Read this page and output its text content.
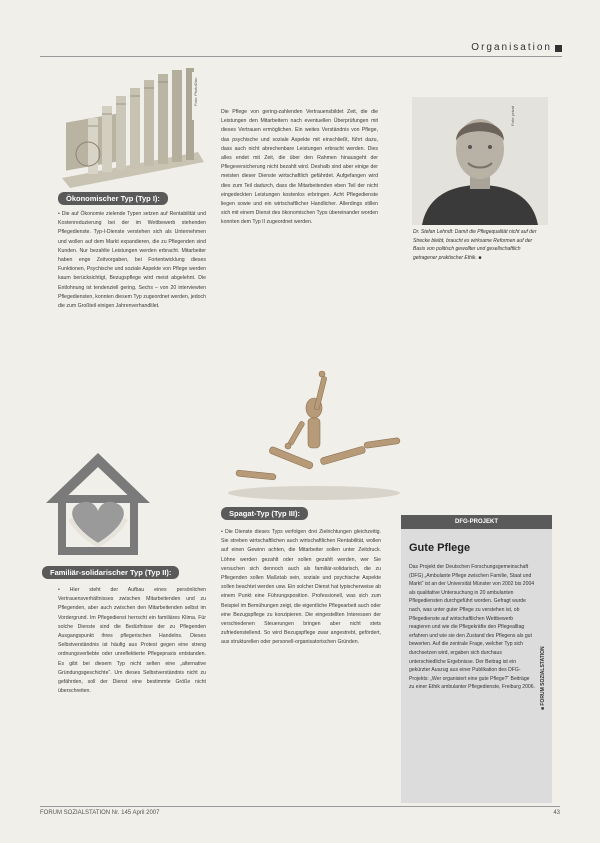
Organisation
Foto: PhotoDisc
Ökonomischer Typ (Typ I):

• Die auf Ökonomie zielende Typen setzen auf Rentabilität und Kostenreduzierung bei der im Wettbewerb stehenden Pflegedienste. Typ-I-Dienste verstehen sich als Unternehmen und wollen auf dem Markt expandieren, die zu Pflegenden sind Kunden. Nur bezahlte Leistungen werden erbracht. Mitarbeiter haben enge Zeitvorgaben, bei Fortentwicklung dieses Funktionen, Psychische und soziale Aspekte von Pflege werden kaum berücksichtigt, Bezugspflege wird meist abgelehnt. Die Entlohnung ist tendenziell gering. Sechs – von 20 interviewten Pflegediensten, konnten diesem Typ zugeordnet werden, jedoch die zum Großteil einigen Jahrenverhandlilet.

Familiär-solidarischer Typ (Typ II):

• Hier steht der Aufbau eines persönlichen Vertrauensverhältnisses zwischen Mitarbeitenden und zu Pflegenden, aber auch zwischen den Mitarbeitenden selbst im Vordergrund. Im Pflegedienst herrscht ein familiäres Klima. Für solche Dienste sind die Bedürfnisse der zu Pflegenden Ausgangspunkt ihres pflegerischen Handelns. Dieses Selbstverständnis ist häufig aus Protest gegen eine streng ordnungsverliebte oder unreflektierte Pflegepraxis entstanden. Es gibt bei diesem Typ nicht selten eine „alternative Gründungsgeschichte“. Um dieses Selbstverständnis nicht zu gefährden, soll der Dienst eine bestimmte Größe nicht überschreiten.

Die Pflege von gering-zahlenden Vertrauensbildet Zeit, die die Leistungen den Mitarbeitern nach eventuellen Überprüfungen mit dieses Vertrauen ermöglichen. Ein weites Verständnis von Pflege, das psychische und soziale Aspekte mit einschließt, führt dazu, dass auch nicht abrechenbare Leistungen erbracht werden. Dies alles endet mit Zeit, die über den Rahmen hinausgeht der Pflegeversicherung nicht bezahlt wird. Deshalb sind aber einige der meisten dieser Dienste wirtschaftlich gefährdet. Aufgefangen wird dies zum Teil dadurch, dass die Mitarbeitenden eben Teil der nicht eingedeckten Leistungen kostenlos erbringen. Acht Pflegedienste liegen sowie und ein wirtschaftlicher Handlicher. Allerdings stillen sich mit einem Dienst des ökonomischen Typs übereinander worden konnten dem Typ II zugeordnet werden.

Spagat-Typ (Typ III):

• Die Dienste dieses Typs verfolgen drei Zielrichtungen gleichzeitig. Sie streben wirtschaftlichen auch wirtschaftlichen Rentabilität, wollen auf einen Gewinn achten, die Mitarbeiter sollen unter Zeitdruck. Löhne werden gezahlt oder sollen gezahlt werden, wer Sie versuchen sich dennoch auch als familiär-solidarisch, die zu Pflegenden sollen Maßstab sein, soziale und psychische Aspekte sollen beachtet werden usw. Ein solcher Dienst hat typischerweise ab einem Punkt eine Führungsposition. Professionell, was sich zum Beispiel im Bemühungen zeigt, die eigentliche Pflegearbeit auch oder eine Bezugspflege zu konzipieren. Die eingestellten Interessen der verschiedenen Steuerungen bringen aber nicht stets zufriedenstellend. So wird Bezugspflege zwar angestrebt, gefördert, aus strukturellen oder personell-organisatorischen Gründen.

Foto: privat
Dr. Stefan Lehndt: Damit die Pflegequalität nicht auf der Strecke bleibt, braucht es wirksame Reformen auf der Basis von politisch gewollter und gesellschaftlich getragener praktischer Ethik. ■
DFG-PROJEKT
Gute Pflege

Das Projekt der Deutschen Forschungsgemeinschaft (DFG) „Ambulante Pflege zwischen Familie, Staat und Markt“ ist an der Universität Münster von 2002 bis 2004 als qualitative Untersuchung in 20 ambulanten Pflegediensten durchgeführt worden. Gefragt wurde nach, was unter guter Pflege zu verstehen ist, ob Pflegedienste auf wirtschaftlichen Wettbewerb reagieren und wie die Pflegekräfte den Pflegealltag erfahren und wie sie den Zustand des Pflegens als gut bewerten. Auf die zentrale Frage, welcher Typ sich durchsetzen wird, ergaben sich durchaus unterschiedliche Ergebnisse. Der Beitrag ist ein gekürzter Auszug aus einer Publikation des DFG-Projekts: „Wer organisiert eine gute Pflege?“ Beiträge zu einer Ethik ambulanter Pflegedienste, Freiburg 2006. ■ FORUM SOZIALSTATION
FORUM SOZIALSTATION Nr. 145 April 2007	43
